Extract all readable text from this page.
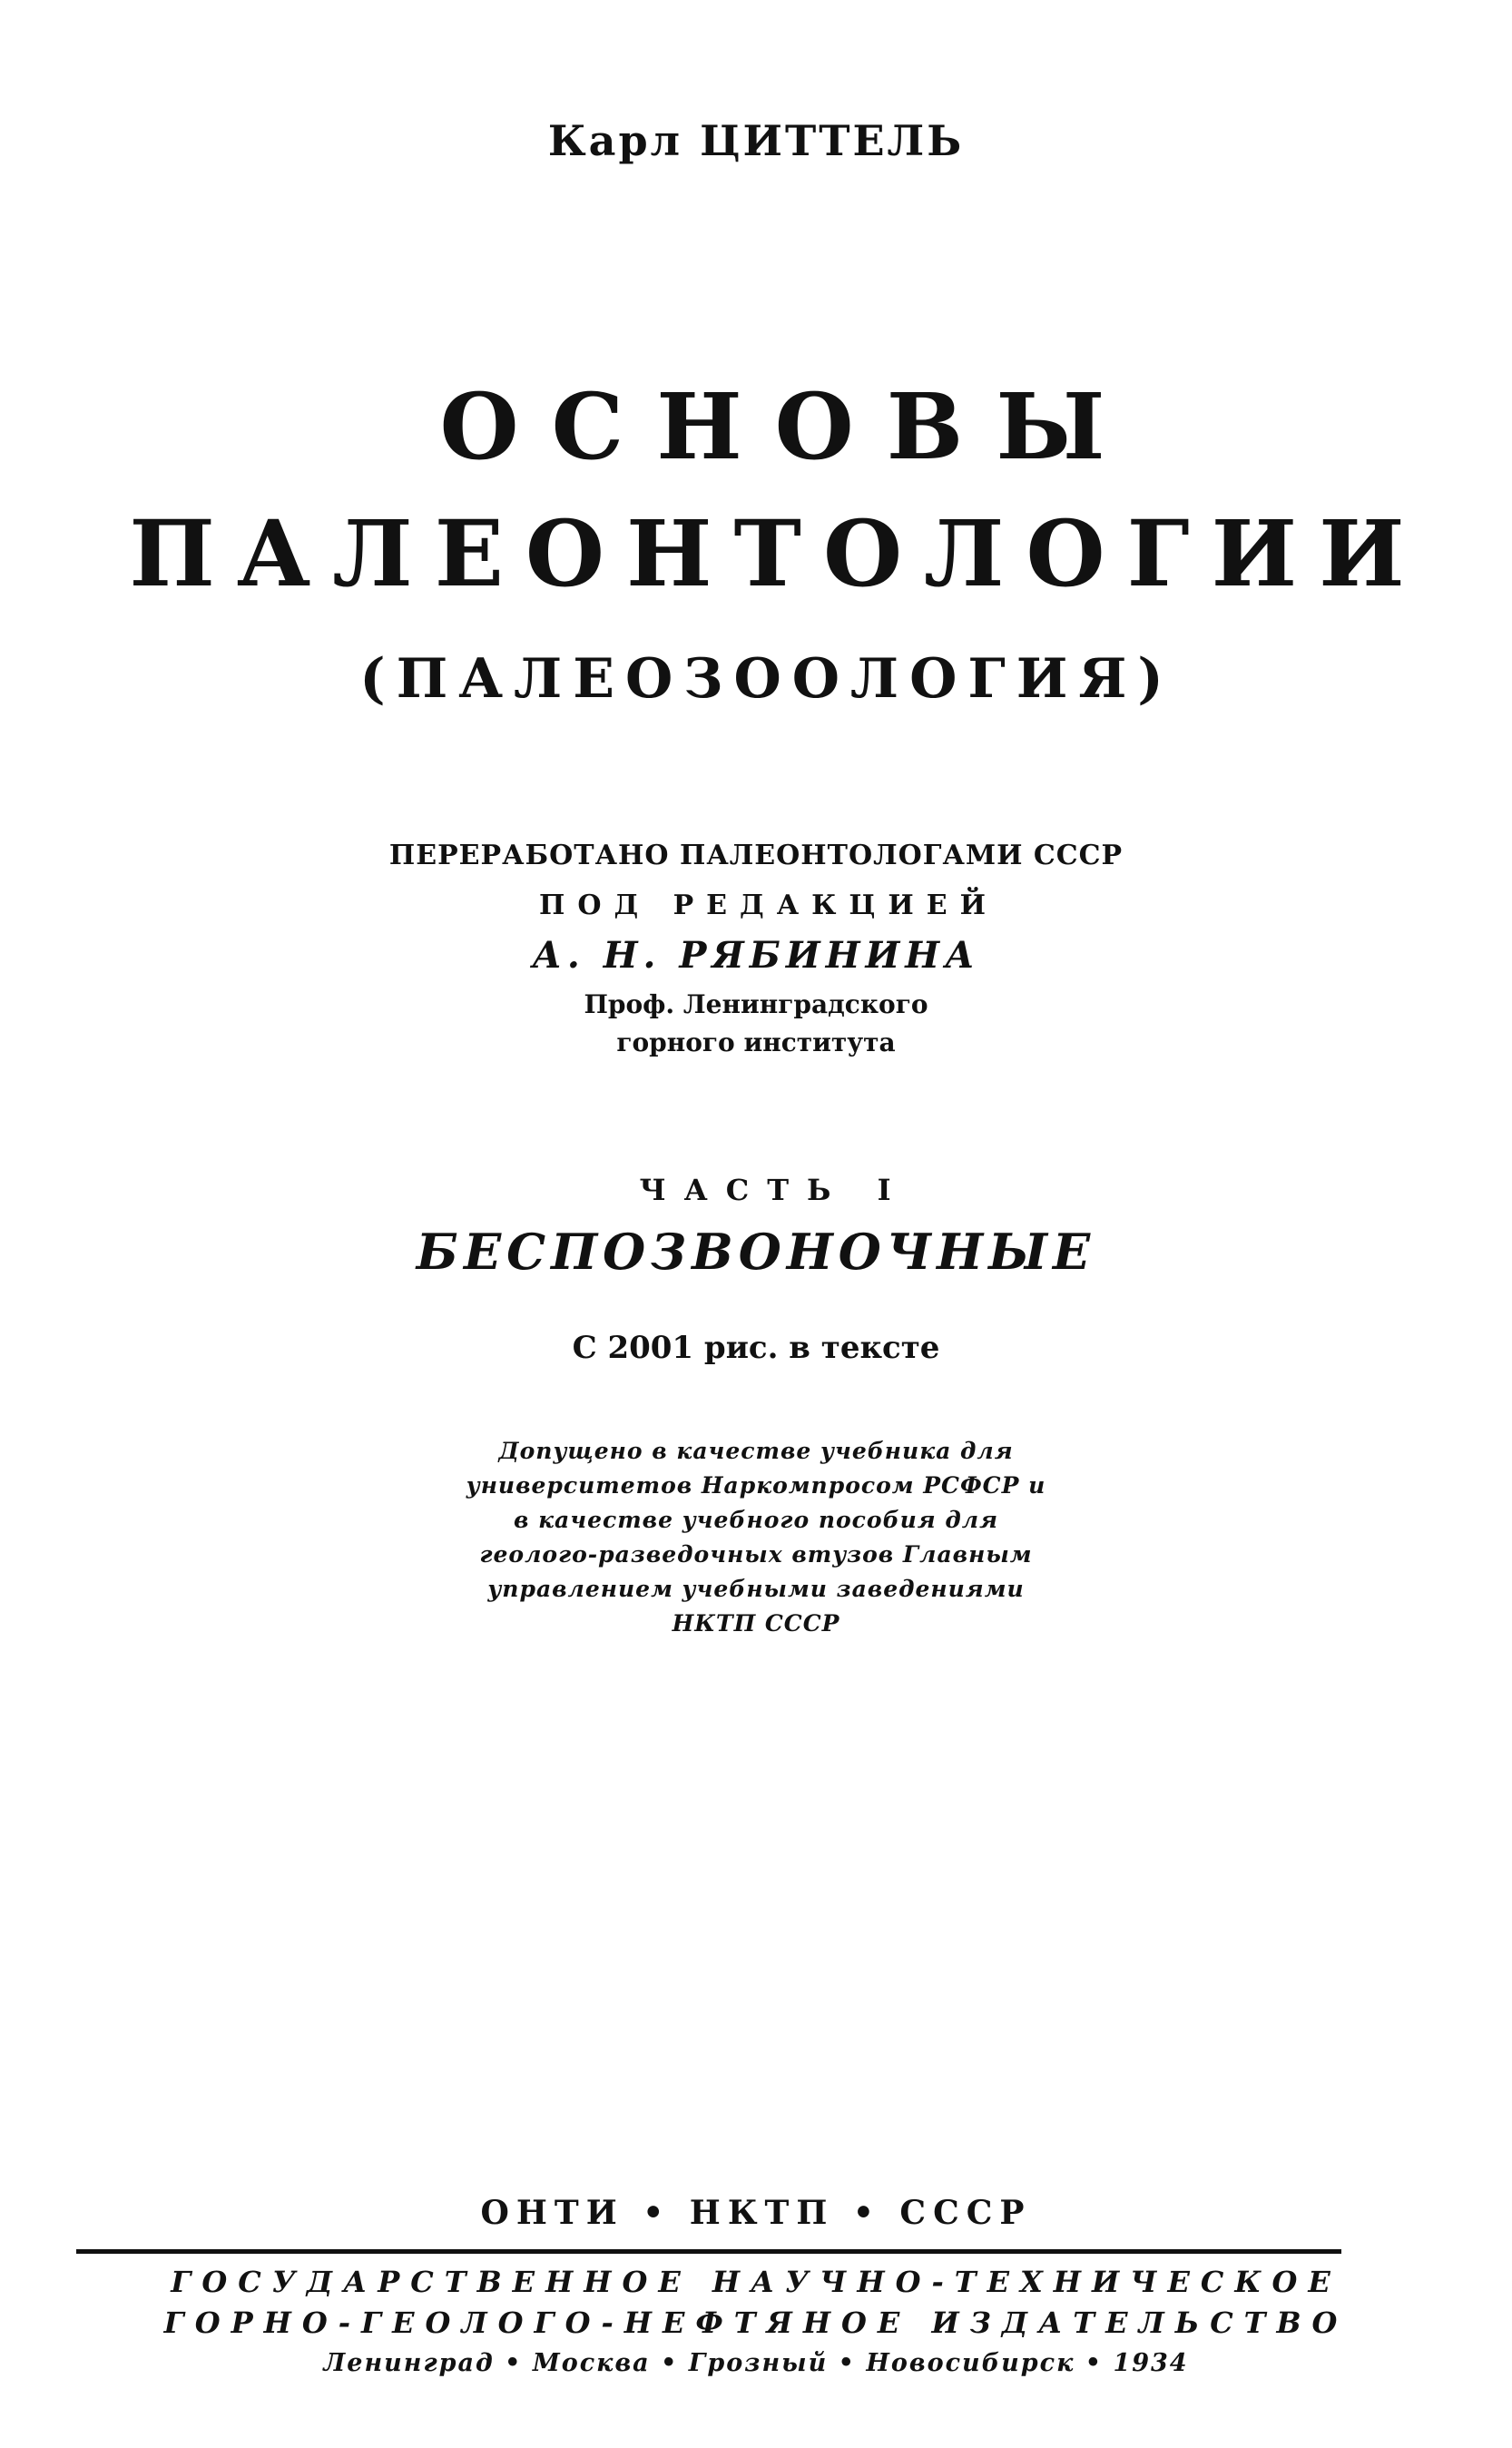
Карл ЦИТТЕЛЬ
ОСНОВЫ
ПАЛЕОНТОЛОГИИ
(ПАЛЕОЗООЛОГИЯ)
ПЕРЕРАБОТАНО ПАЛЕОНТОЛОГАМИ СССР
ПОД РЕДАКЦИЕЙ
А. Н. РЯБИНИНА
Проф. Ленинградского
горного института
ЧАСТЬ I
БЕСПОЗВОНОЧНЫЕ
С 2001 рис. в тексте
Допущено в качестве учебника для
университетов Наркомпросом РСФСР и
в качестве учебного пособия для
геолого-разведочных втузов Главным
управлением учебными заведениями
НКТП СССР
ОНТИ • НКТП • СССР
ГОСУДАРСТВЕННОЕ НАУЧНО-ТЕХНИЧЕСКОЕ
ГОРНО-ГЕОЛОГО-НЕФТЯНОЕ ИЗДАТЕЛЬСТВО
Ленинград • Москва • Грозный • Новосибирск • 1934
